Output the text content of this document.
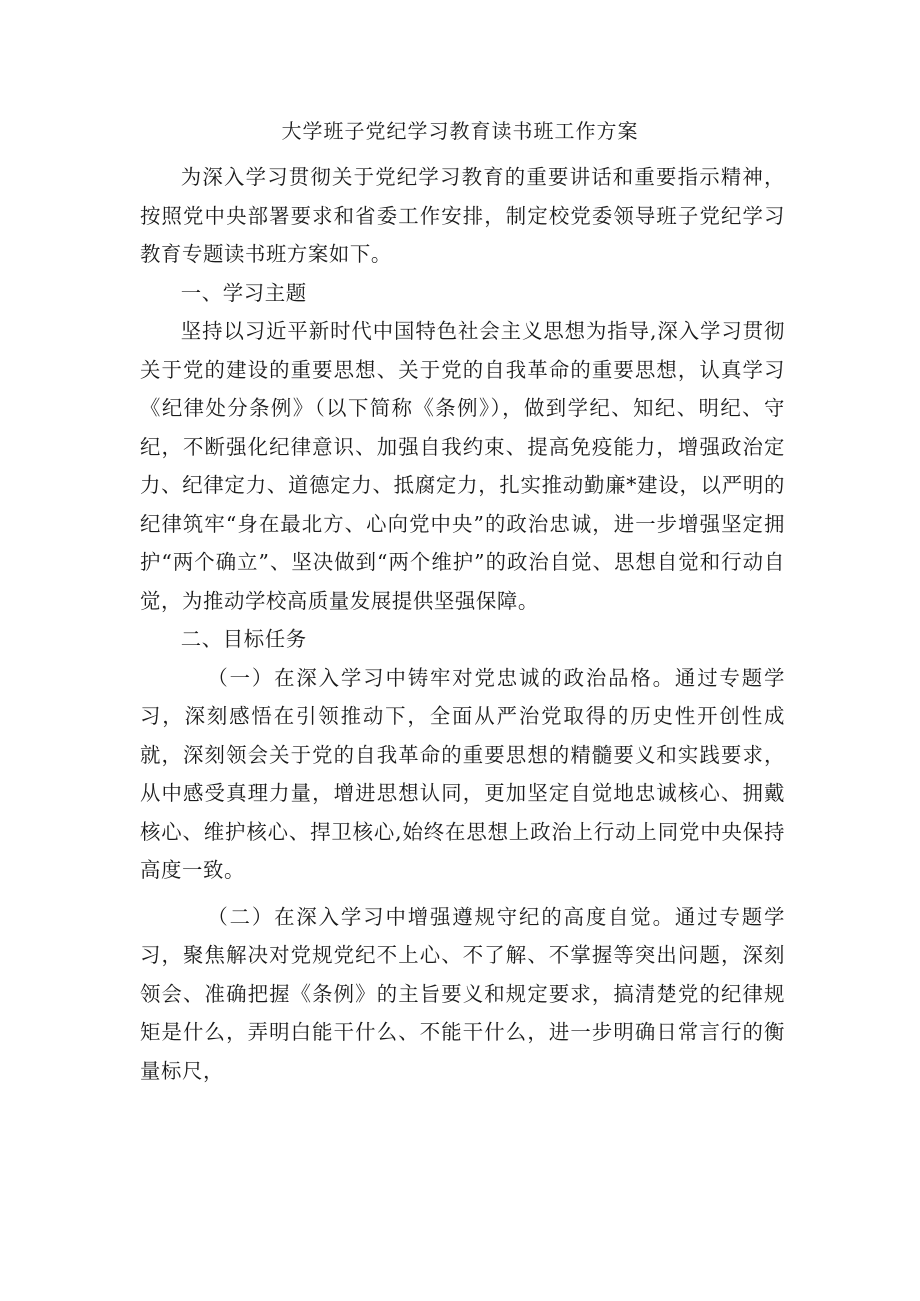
大学班子党纪学习教育读书班工作方案

为深入学习贯彻关于党纪学习教育的重要讲话和重要指示精神，按照党中央部署要求和省委工作安排，制定校党委领导班子党纪学习教育专题读书班方案如下。

一、学习主题

坚持以习近平新时代中国特色社会主义思想为指导,深入学习贯彻关于党的建设的重要思想、关于党的自我革命的重要思想，认真学习《纪律处分条例》（以下简称《条例》），做到学纪、知纪、明纪、守纪，不断强化纪律意识、加强自我约束、提高免疫能力，增强政治定力、纪律定力、道德定力、抵腐定力，扎实推动勤廉*建设，以严明的纪律筑牢“身在最北方、心向党中央”的政治忠诚，进一步增强坚定拥护“两个确立”、坚决做到“两个维护”的政治自觉、思想自觉和行动自觉，为推动学校高质量发展提供坚强保障。

二、目标任务

（一）在深入学习中铸牢对党忠诚的政治品格。通过专题学习，深刻感悟在引领推动下，全面从严治党取得的历史性开创性成就，深刻领会关于党的自我革命的重要思想的精髓要义和实践要求，从中感受真理力量，增进思想认同，更加坚定自觉地忠诚核心、拥戴核心、维护核心、捍卫核心,始终在思想上政治上行动上同党中央保持高度一致。

（二）在深入学习中增强遵规守纪的高度自觉。通过专题学习，聚焦解决对党规党纪不上心、不了解、不掌握等突出问题，深刻领会、准确把握《条例》的主旨要义和规定要求，搞清楚党的纪律规矩是什么，弄明白能干什么、不能干什么，进一步明确日常言行的衡量标尺，
